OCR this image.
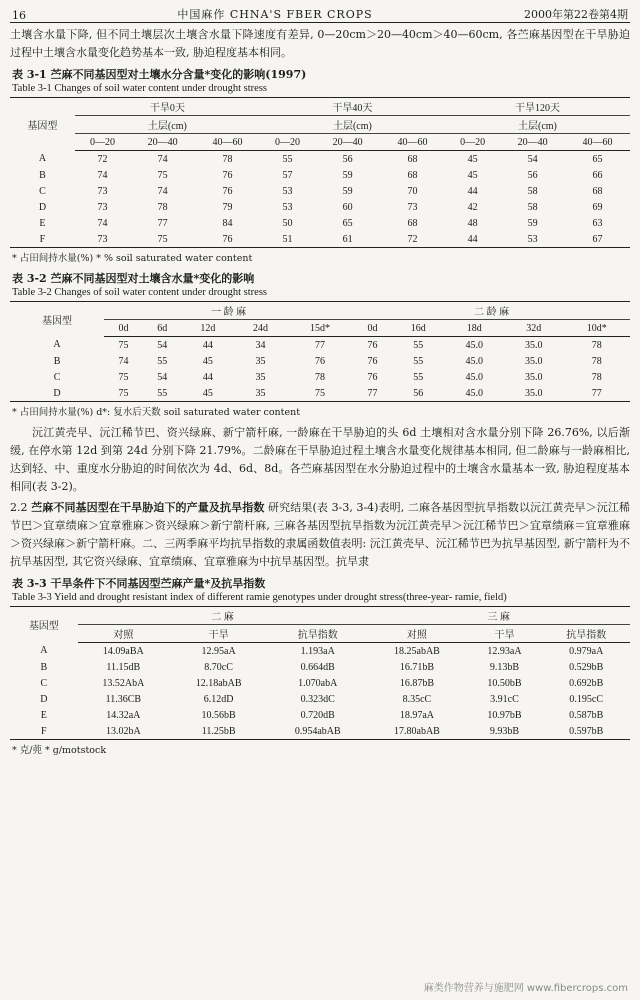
16	中国麻作 CHNA'S FBER CROPS	2000年第22卷第4期

土壤含水量下降, 但不同土壤层次土壤含水量下降速度有差异, 0—20cm＞20—40cm＞40—60cm, 各苎麻基因型在干旱胁迫过程中土壤含水量变化趋势基本一致, 胁迫程度基本相同。

表 3-1 苎麻不同基因型对土壤水分含量*变化的影响(1997)
Table 3-1 Changes of soil water content under drought stress
基因型	干旱0天			干旱40天			干旱120天		
	土层(cm)			土层(cm)			土层(cm)		
	0—20	20—40	40—60	0—20	20—40	40—60	0—20	20—40	40—60
A	72	74	78	55	56	68	45	54	65
B	74	75	76	57	59	68	45	56	66
C	73	74	76	53	59	70	44	58	68
D	73	78	79	53	60	73	42	58	69
E	74	77	84	50	65	68	48	59	63
F	73	75	76	51	61	72	44	53	67
* 占田间持水量(%) * % soil saturated water content
表 3-2 苎麻不同基因型对土壤含水量*变化的影响
Table 3-2 Changes of soil water content under drought stress
基因型	一 龄 麻					二 龄 麻				
	0d	6d	12d	24d	15d*	0d	16d	18d	32d	10d*
A	75	54	44	34	77	76	55	45.0	35.0	78
B	74	55	45	35	76	76	55	45.0	35.0	78
C	75	54	44	35	78	76	55	45.0	35.0	78
D	75	55	45	35	75	77	56	45.0	35.0	77
* 占田间持水量(%) d*: 复水后天数 soil saturated water content

沅江黄壳早、沅江稀节巴、资兴绿麻、新宁箭杆麻, 一龄麻在干旱胁迫的头 6d 土壤相对含水量分别下降 26.76%, 以后渐缓, 在停水第 12d 到第 24d 分别下降 21.79%。二龄麻在干旱胁迫过程土壤含水量变化规律基本相同, 但二龄麻与一龄麻相比, 达到轻、中、重度水分胁迫的时间依次为 4d、6d、8d。各苎麻基因型在水分胁迫过程中的土壤含水量基本一致, 胁迫程度基本相同(表 3-2)。

2.2 苎麻不同基因型在干旱胁迫下的产量及抗旱指数 研究结果(表 3-3, 3-4)表明, 二麻各基因型抗旱指数以沅江黄壳早＞沅江稀节巴＞宜章绩麻＞宜章雅麻＞资兴绿麻＞新宁箭杆麻, 三麻各基因型抗旱指数为沅江黄壳早＞沅江稀节巴＞宜章绩麻＝宜章雅麻＞资兴绿麻＞新宁箭杆麻。二、三两季麻平均抗旱指数的隶属函数值表明: 沅江黄壳早、沅江稀节巴为抗旱基因型, 新宁箭杆为不抗旱基因型, 其它资兴绿麻、宜章绩麻、宜章雅麻为中抗旱基因型。抗旱隶

表 3-3 干旱条件下不同基因型苎麻产量*及抗旱指数
Table 3-3 Yield and drought resistant index of different ramie genotypes under drought stress(three-year- ramie, field)
基因型	二 麻			三 麻		
	对照	干旱	抗旱指数	对照	干旱	抗旱指数
A	14.09aBA	12.95aA	1.193aA	18.25abAB	12.93aA	0.979aA
B	11.15dB	8.70cC	0.664dB	16.71bB	9.13bB	0.529bB
C	13.52AbA	12.18abAB	1.070abA	16.87bB	10.50bB	0.692bB
D	11.36CB	6.12dD	0.323dC	8.35cC	3.91cC	0.195cC
E	14.32aA	10.56bB	0.720dB	18.97aA	10.97bB	0.587bB
F	13.02bA	11.25bB	0.954abAB	17.80abAB	9.93bB	0.597bB
* 克/蔸 * g/motstock
麻类作物营养与施肥网 www.fibercrops.com
